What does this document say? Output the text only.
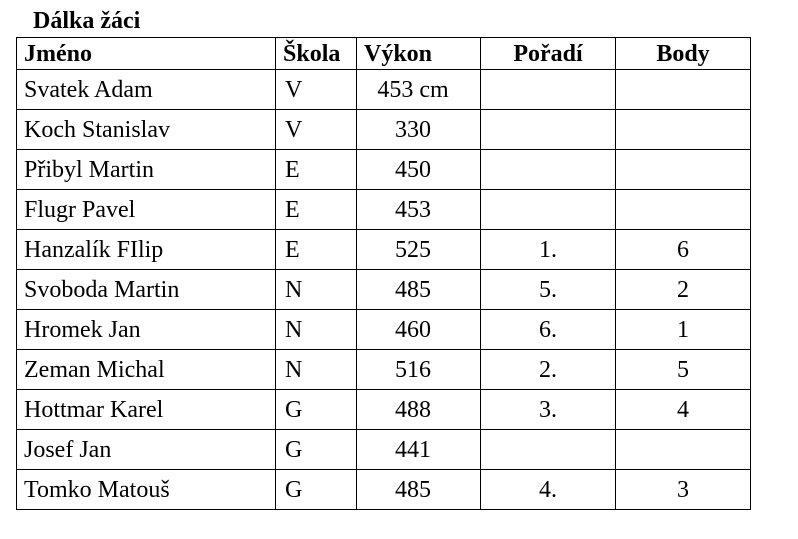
Dálka žáci
Jméno	Škola	Výkon	Pořadí	Body
Svatek Adam	V	453 cm		
Koch Stanislav	V	330		
Přibyl Martin	E	450		
Flugr Pavel	E	453		
Hanzalík FIlip	E	525	1.	6
Svoboda Martin	N	485	5.	2
Hromek Jan	N	460	6.	1
Zeman Michal	N	516	2.	5
Hottmar Karel	G	488	3.	4
Josef Jan	G	441		
Tomko Matouš	G	485	4.	3
